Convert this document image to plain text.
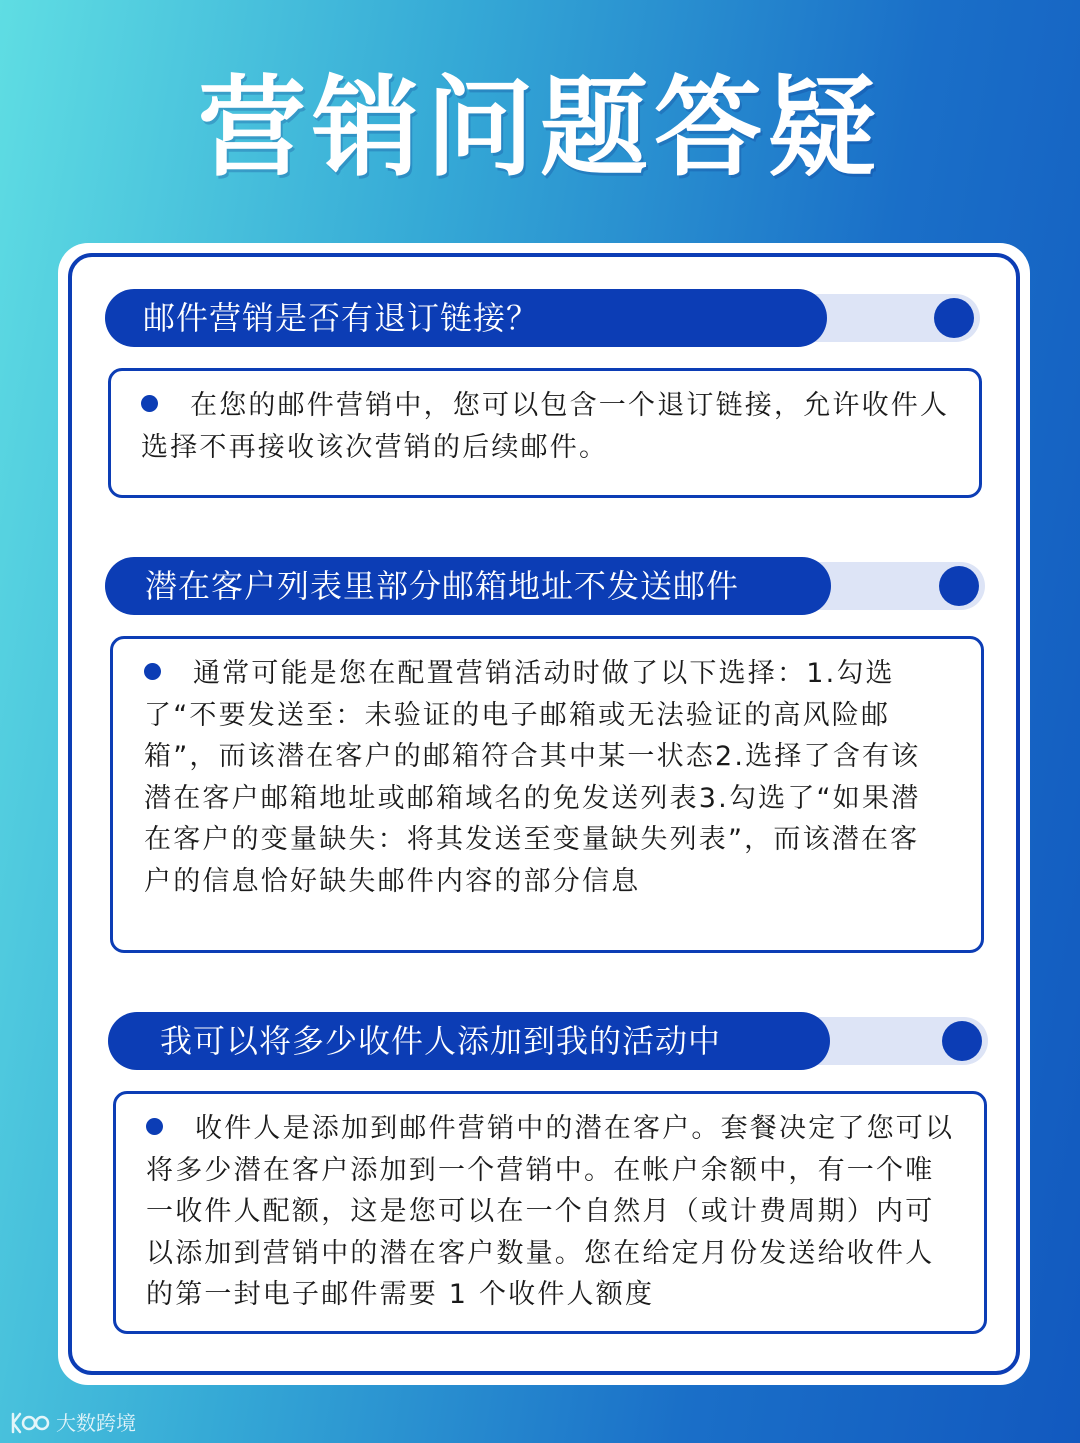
营销问题答疑
邮件营销是否有退订链接？
在您的邮件营销中，您可以包含一个退订链接，允许收件人选择不再接收该次营销的后续邮件。
潜在客户列表里部分邮箱地址不发送邮件
通常可能是您在配置营销活动时做了以下选择：1.勾选了“不要发送至：未验证的电子邮箱或无法验证的高风险邮箱”，而该潜在客户的邮箱符合其中某一状态2.选择了含有该潜在客户邮箱地址或邮箱域名的免发送列表3.勾选了“如果潜在客户的变量缺失：将其发送至变量缺失列表”，而该潜在客户的信息恰好缺失邮件内容的部分信息
我可以将多少收件人添加到我的活动中
收件人是添加到邮件营销中的潜在客户。套餐决定了您可以将多少潜在客户添加到一个营销中。在帐户余额中，有一个唯一收件人配额，这是您可以在一个自然月（或计费周期）内可以添加到营销中的潜在客户数量。您在给定月份发送给收件人的第一封电子邮件需要 1 个收件人额度
大数跨境
